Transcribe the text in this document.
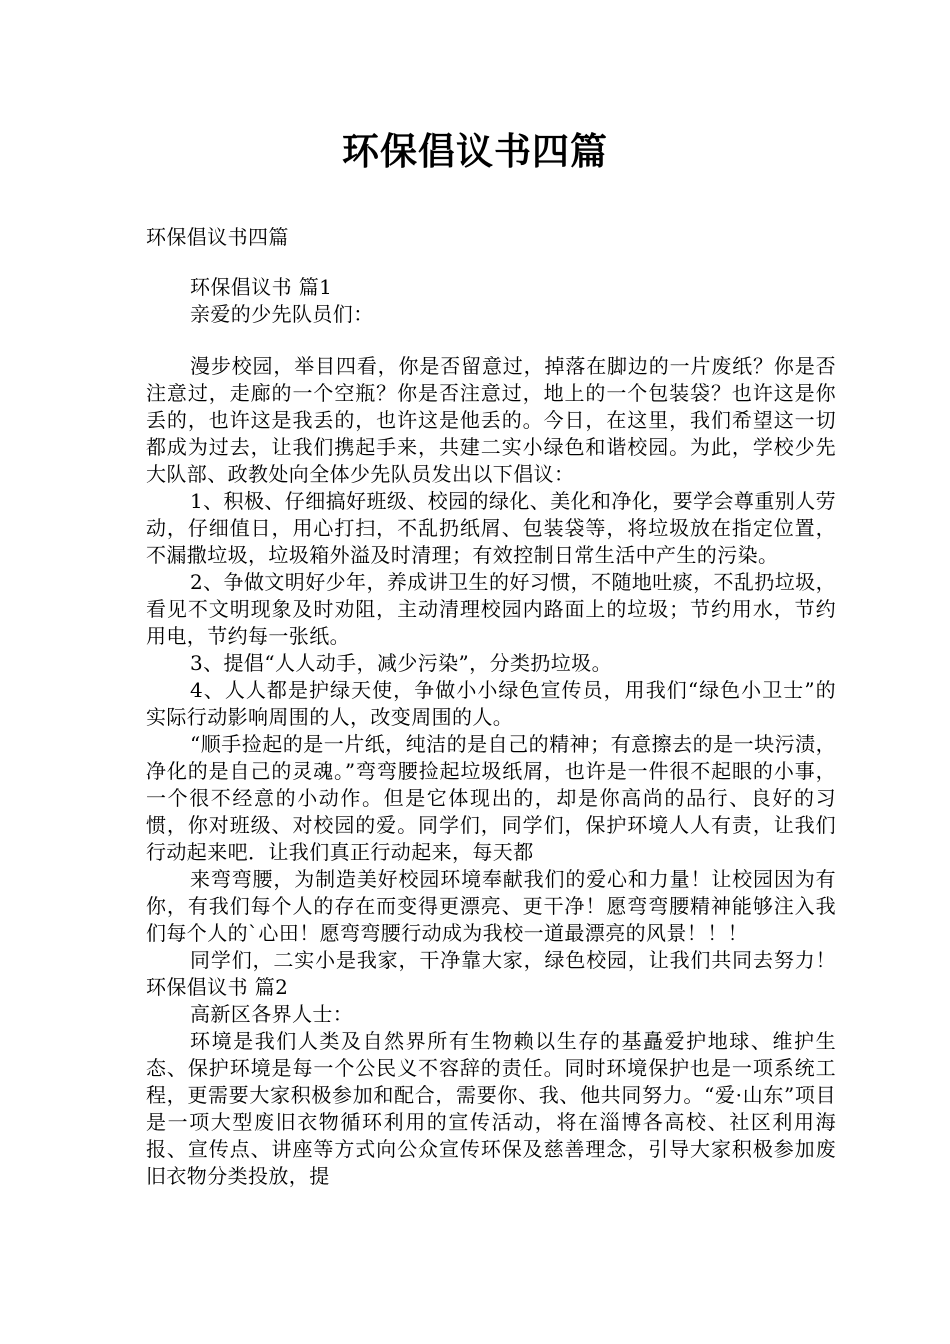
环保倡议书四篇
环保倡议书四篇

环保倡议书 篇1

亲爱的少先队员们：

漫步校园，举目四看，你是否留意过，掉落在脚边的一片废纸？你是否注意过，走廊的一个空瓶？你是否注意过，地上的一个包装袋？也许这是你丢的，也许这是我丢的，也许这是他丢的。今日，在这里，我们希望这一切都成为过去，让我们携起手来，共建二实小绿色和谐校园。为此，学校少先大队部、政教处向全体少先队员发出以下倡议：

1、积极、仔细搞好班级、校园的绿化、美化和净化，要学会尊重别人劳动，仔细值日，用心打扫，不乱扔纸屑、包装袋等，将垃圾放在指定位置，不漏撒垃圾，垃圾箱外溢及时清理；有效控制日常生活中产生的污染。

2、争做文明好少年，养成讲卫生的好习惯，不随地吐痰，不乱扔垃圾，看见不文明现象及时劝阻，主动清理校园内路面上的垃圾；节约用水，节约用电，节约每一张纸。

3、提倡“人人动手，减少污染”，分类扔垃圾。

4、人人都是护绿天使，争做小小绿色宣传员，用我们“绿色小卫士”的实际行动影响周围的人，改变周围的人。

“顺手捡起的是一片纸，纯洁的是自己的精神；有意擦去的是一块污渍，净化的是自己的灵魂。”弯弯腰捡起垃圾纸屑，也许是一件很不起眼的小事，一个很不经意的小动作。但是它体现出的，却是你高尚的品行、良好的习惯，你对班级、对校园的爱。同学们，同学们，保护环境人人有责，让我们行动起来吧．让我们真正行动起来，每天都

来弯弯腰，为制造美好校园环境奉献我们的爱心和力量！让校园因为有你，有我们每个人的存在而变得更漂亮、更干净！愿弯弯腰精神能够注入我们每个人的`心田！愿弯弯腰行动成为我校一道最漂亮的风景！！！

同学们，二实小是我家，干净靠大家，绿色校园，让我们共同去努力！环保倡议书 篇2

高新区各界人士：

环境是我们人类及自然界所有生物赖以生存的基矗爱护地球、维护生态、保护环境是每一个公民义不容辞的责任。同时环境保护也是一项系统工程，更需要大家积极参加和配合，需要你、我、他共同努力。“爱·山东”项目是一项大型废旧衣物循环利用的宣传活动，将在淄博各高校、社区利用海报、宣传点、讲座等方式向公众宣传环保及慈善理念，引导大家积极参加废旧衣物分类投放，提
